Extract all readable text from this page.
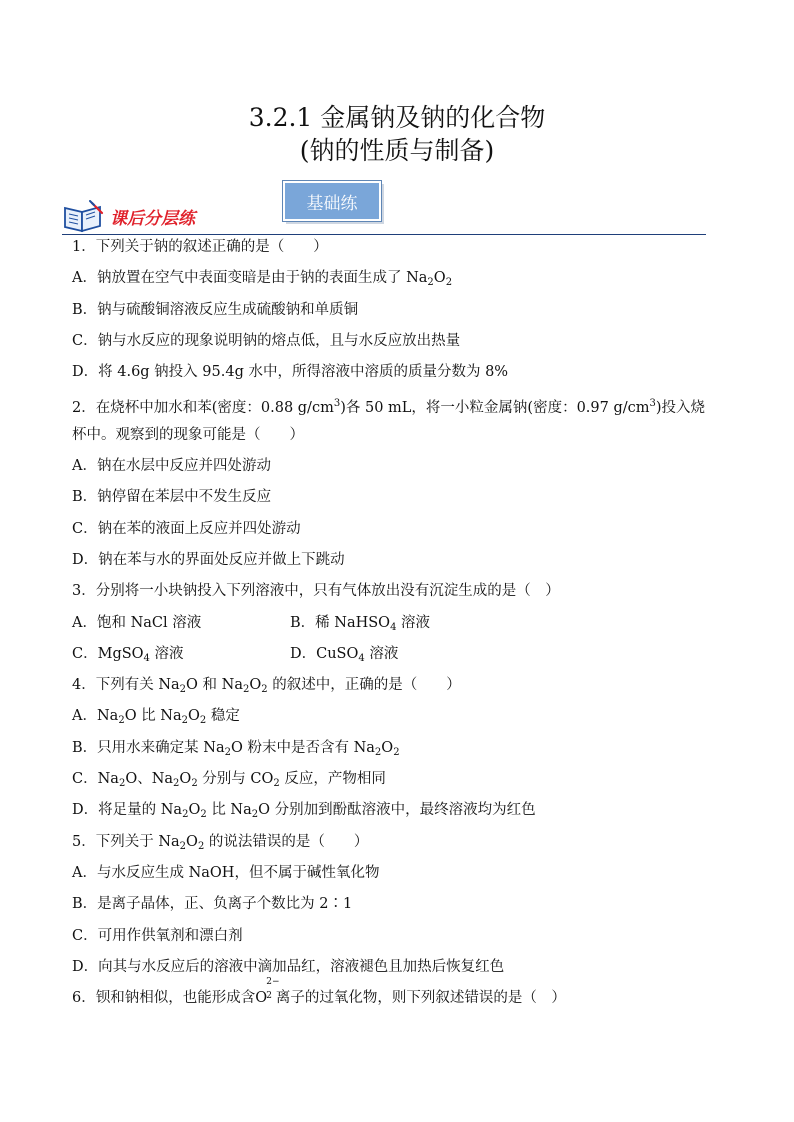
3.2.1 金属钠及钠的化合物
(钠的性质与制备)
基础练
课后分层练
1．下列关于钠的叙述正确的是（　　）
A．钠放置在空气中表面变暗是由于钠的表面生成了 $Na_2O_2$
B．钠与硫酸铜溶液反应生成硫酸钠和单质铜
C．钠与水反应的现象说明钠的熔点低，且与水反应放出热量
D．将 4.6g 钠投入 95.4g 水中，所得溶液中溶质的质量分数为 8%
2．在烧杯中加水和苯(密度：0.88 $g/cm^3$)各 50 mL，将一小粒金属钠(密度：0.97 $g/cm^3$)投入烧
杯中。观察到的现象可能是（　　）
A．钠在水层中反应并四处游动
B．钠停留在苯层中不发生反应
C．钠在苯的液面上反应并四处游动
D．钠在苯与水的界面处反应并做上下跳动
3．分别将一小块钠投入下列溶液中，只有气体放出没有沉淀生成的是（　）
A．饱和 NaCl 溶液	B．稀 NaHSO$_4$ 溶液
C．MgSO$_4$ 溶液	D．CuSO$_4$ 溶液
4．下列有关 $Na_2O$ 和 $Na_2O_2$ 的叙述中，正确的是（　　）
A．$Na_2O$ 比 $Na_2O_2$ 稳定
B．只用水来确定某 $Na_2O$ 粉末中是否含有 $Na_2O_2$
C．$Na_2O$、$Na_2O_2$ 分别与 $CO_2$ 反应，产物相同
D．将足量的 $Na_2O_2$ 比 $Na_2O$ 分别加到酚酞溶液中，最终溶液均为红色
5．下列关于 $Na_2O_2$ 的说法错误的是（　　）
A．与水反应生成 NaOH，但不属于碱性氧化物
B．是离子晶体，正、负离子个数比为 2∶1
C．可用作供氧剂和漂白剂
D．向其与水反应后的溶液中滴加品红，溶液褪色且加热后恢复红色
6．钡和钠相似，也能形成含O
2−
2 离子的过氧化物，则下列叙述错误的是（　）
